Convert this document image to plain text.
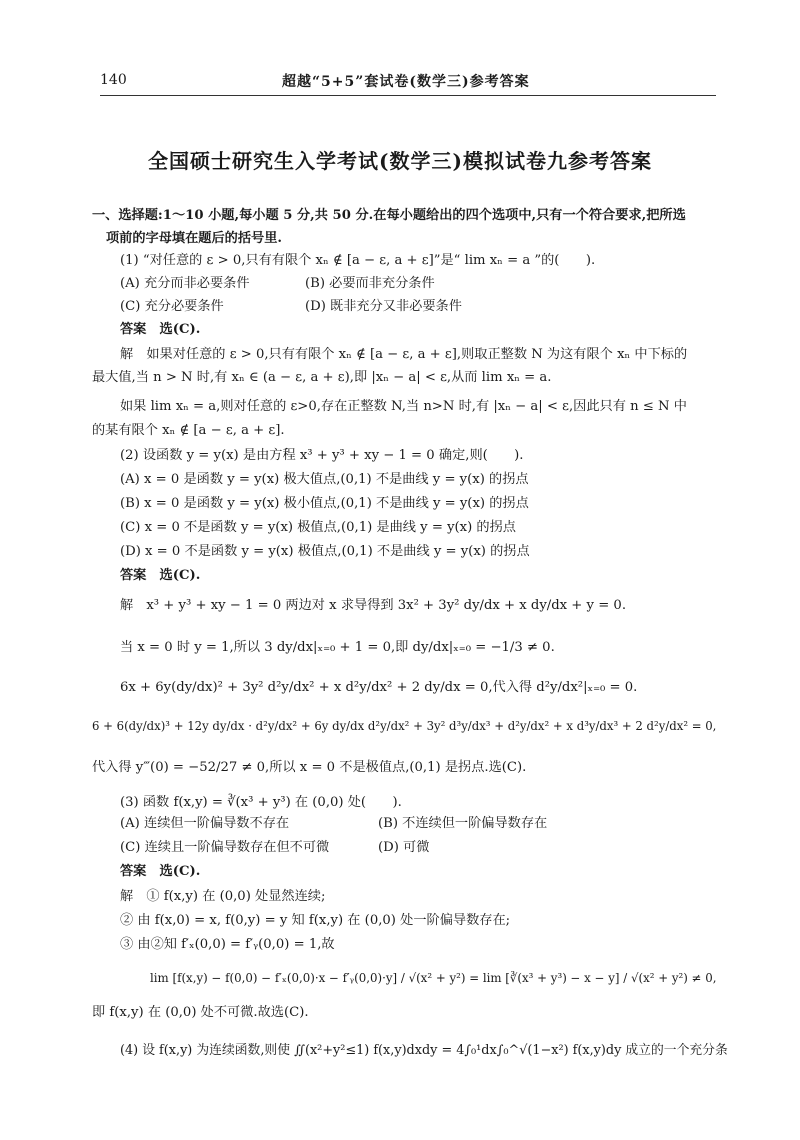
140	超越“5+5”套试卷(数学三)参考答案
全国硕士研究生入学考试(数学三)模拟试卷九参考答案
一、选择题:1～10 小题,每小题 5 分,共 50 分.在每小题给出的四个选项中,只有一个符合要求,把所选
项前的字母填在题后的括号里.
(1) “对任意的 ε > 0,只有有限个 xₙ ∉ [a − ε, a + ε]”是“ lim xₙ = a ”的(　　).
(A) 充分而非必要条件	(B) 必要而非充分条件
(C) 充分必要条件	(D) 既非充分又非必要条件
答案　选(C).
解　如果对任意的 ε > 0,只有有限个 xₙ ∉ [a − ε, a + ε],则取正整数 N 为这有限个 xₙ 中下标的
最大值,当 n > N 时,有 xₙ ∈ (a − ε, a + ε),即 |xₙ − a| < ε,从而 lim xₙ = a.
如果 lim xₙ = a,则对任意的 ε>0,存在正整数 N,当 n>N 时,有 |xₙ − a| < ε,因此只有 n ≤ N 中
的某有限个 xₙ ∉ [a − ε, a + ε].
(2) 设函数 y = y(x) 是由方程 x³ + y³ + xy − 1 = 0 确定,则(　　).
(A) x = 0 是函数 y = y(x) 极大值点,(0,1) 不是曲线 y = y(x) 的拐点
(B) x = 0 是函数 y = y(x) 极小值点,(0,1) 不是曲线 y = y(x) 的拐点
(C) x = 0 不是函数 y = y(x) 极值点,(0,1) 是曲线 y = y(x) 的拐点
(D) x = 0 不是函数 y = y(x) 极值点,(0,1) 不是曲线 y = y(x) 的拐点
答案　选(C).
解　x³ + y³ + xy − 1 = 0 两边对 x 求导得到 3x² + 3y² dy/dx + x dy/dx + y = 0.
当 x = 0 时 y = 1,所以 3 dy/dx|ₓ₌₀ + 1 = 0,即 dy/dx|ₓ₌₀ = −1/3 ≠ 0.
6x + 6y(dy/dx)² + 3y² d²y/dx² + x d²y/dx² + 2 dy/dx = 0,代入得 d²y/dx²|ₓ₌₀ = 0.
6 + 6(dy/dx)³ + 12y dy/dx · d²y/dx² + 6y dy/dx d²y/dx² + 3y² d³y/dx³ + d²y/dx² + x d³y/dx³ + 2 d²y/dx² = 0,
代入得 y‴(0) = −52/27 ≠ 0,所以 x = 0 不是极值点,(0,1) 是拐点.选(C).
(3) 函数 f(x,y) = ∛(x³ + y³) 在 (0,0) 处(　　).
(A) 连续但一阶偏导数不存在	(B) 不连续但一阶偏导数存在
(C) 连续且一阶偏导数存在但不可微	(D) 可微
答案　选(C).
解　① f(x,y) 在 (0,0) 处显然连续;
② 由 f(x,0) = x, f(0,y) = y 知 f(x,y) 在 (0,0) 处一阶偏导数存在;
③ 由②知 f′ₓ(0,0) = f′ᵧ(0,0) = 1,故
lim [f(x,y) − f(0,0) − f′ₓ(0,0)·x − f′ᵧ(0,0)·y] / √(x² + y²) = lim [∛(x³ + y³) − x − y] / √(x² + y²) ≠ 0,
即 f(x,y) 在 (0,0) 处不可微.故选(C).
(4) 设 f(x,y) 为连续函数,则使 ∬(x²+y²≤1) f(x,y)dxdy = 4∫₀¹dx∫₀^√(1−x²) f(x,y)dy 成立的一个充分条
